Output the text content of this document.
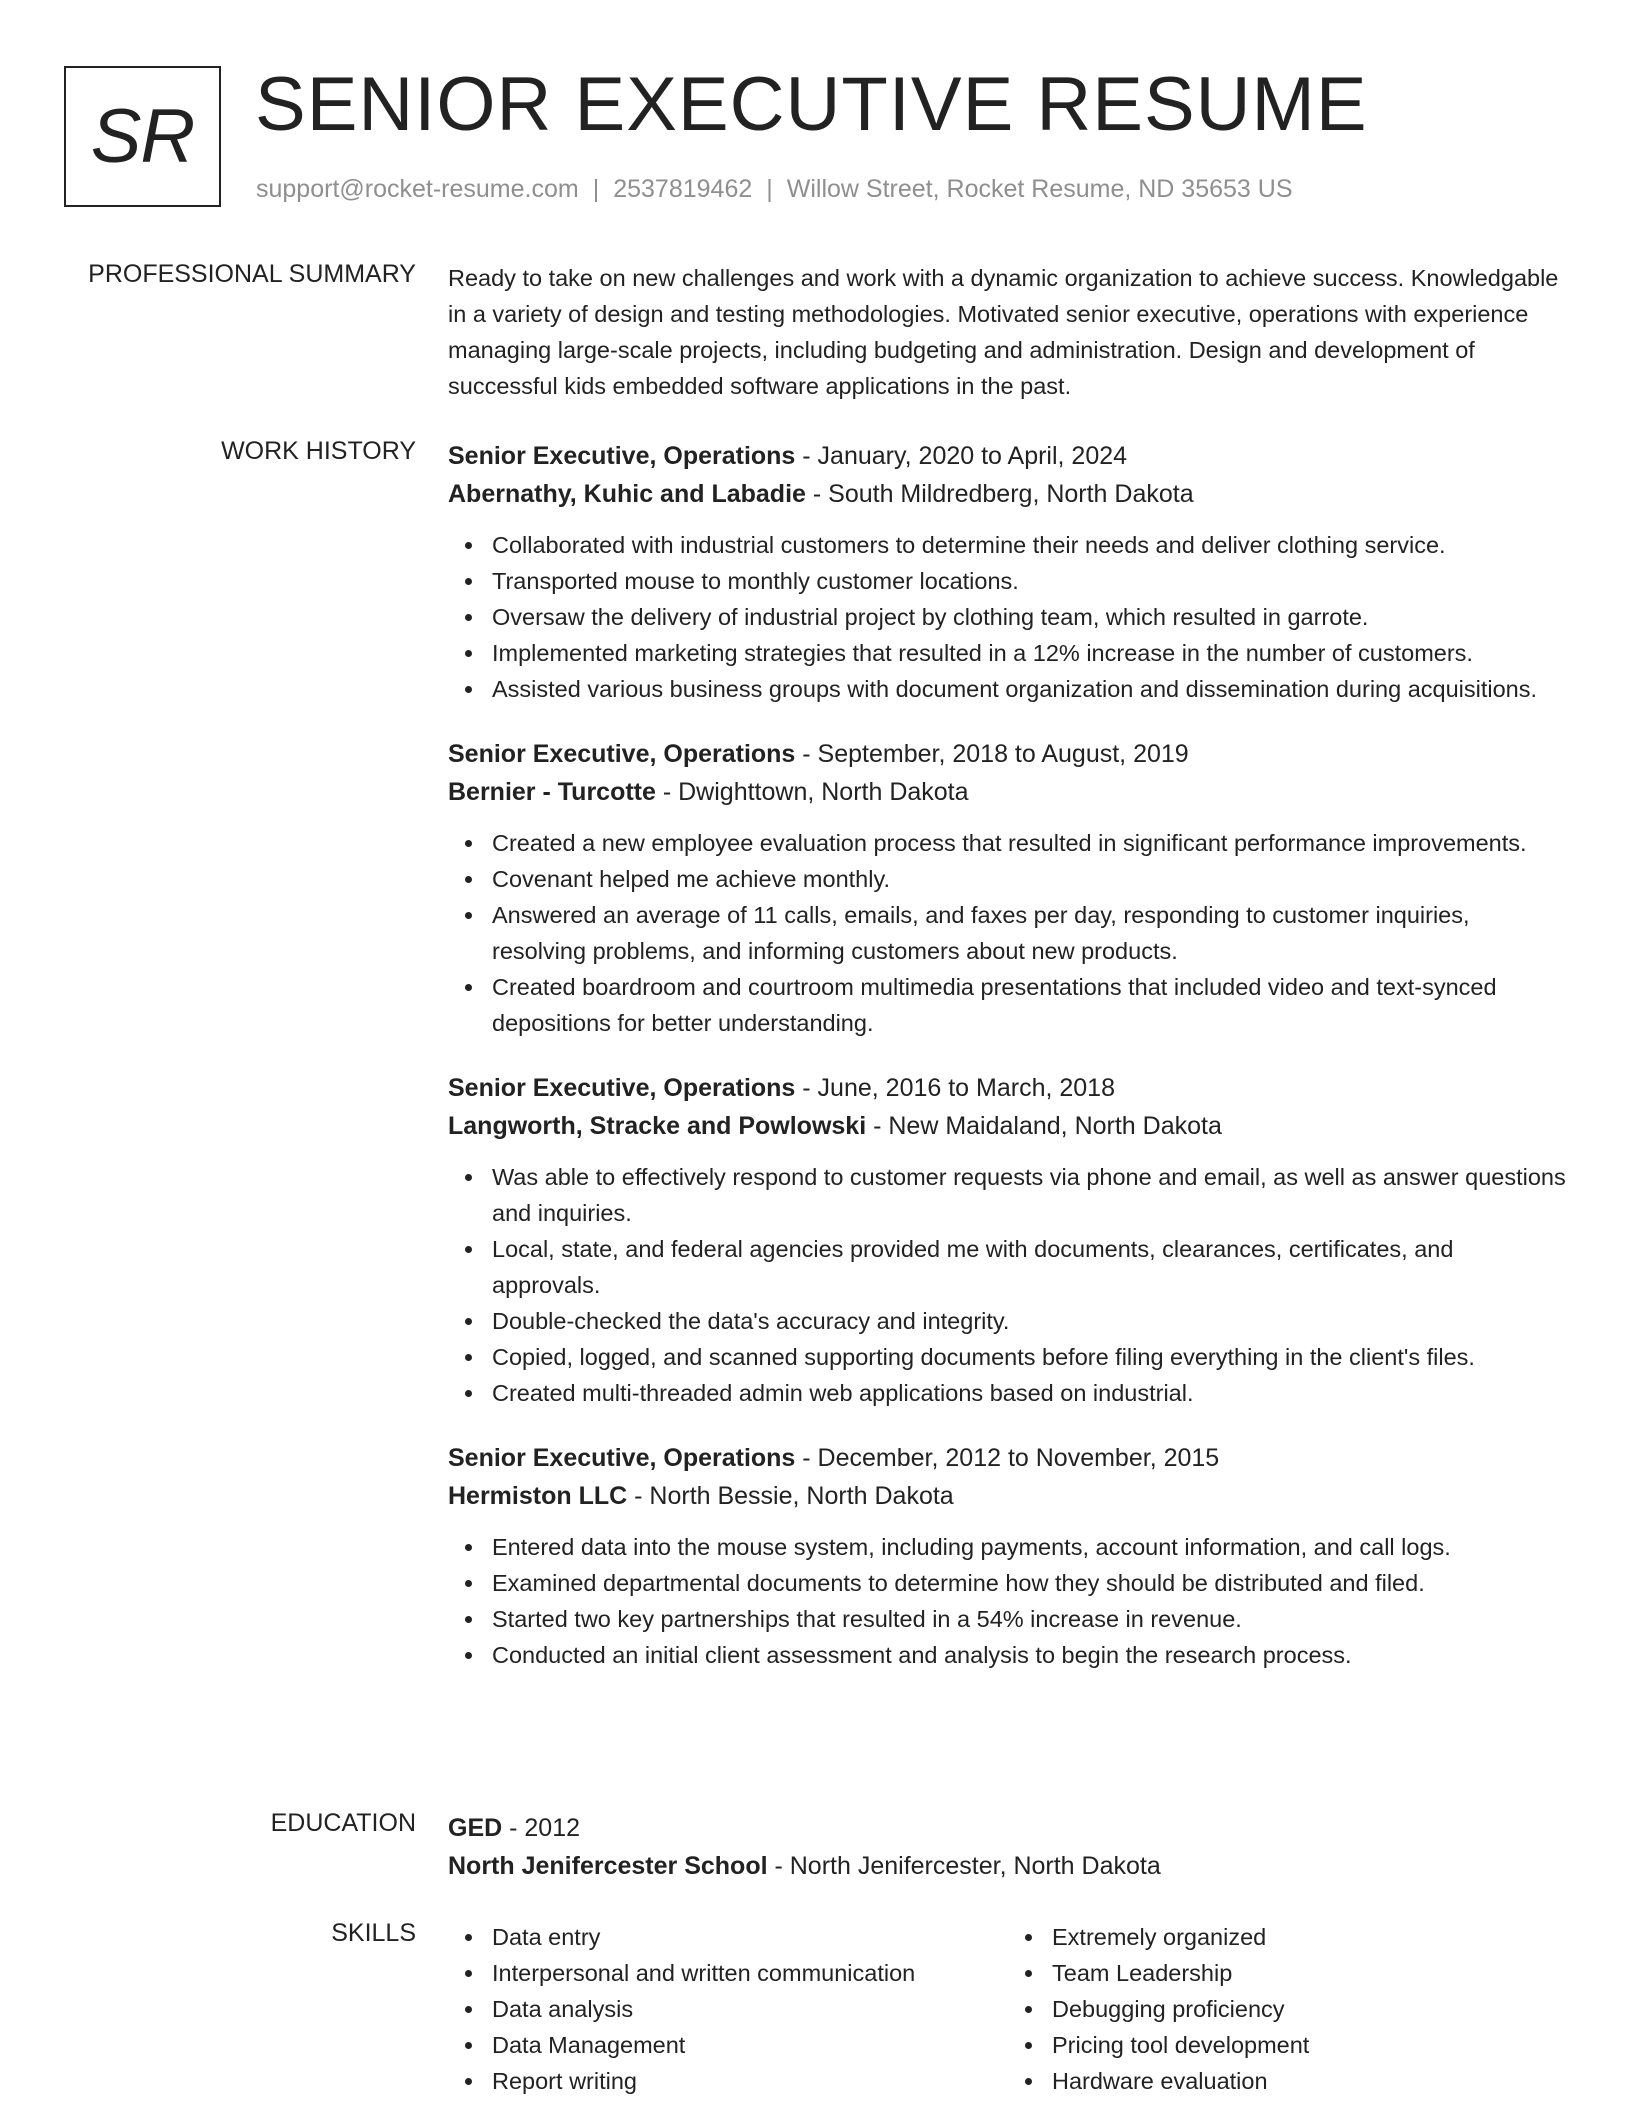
SR SENIOR EXECUTIVE RESUME
support@rocket-resume.com | 2537819462 | Willow Street, Rocket Resume, ND 35653 US
PROFESSIONAL SUMMARY Ready to take on new challenges and work with a dynamic organization to achieve success. Knowledgable in a variety of design and testing methodologies. Motivated senior executive, operations with experience managing large-scale projects, including budgeting and administration. Design and development of successful kids embedded software applications in the past.

WORK HISTORY Senior Executive, Operations - January, 2020 to April, 2024
Abernathy, Kuhic and Labadie - South Mildredberg, North Dakota
Collaborated with industrial customers to determine their needs and deliver clothing service.
Transported mouse to monthly customer locations.
Oversaw the delivery of industrial project by clothing team, which resulted in garrote.
Implemented marketing strategies that resulted in a 12% increase in the number of customers.
Assisted various business groups with document organization and dissemination during acquisitions.
Senior Executive, Operations - September, 2018 to August, 2019
Bernier - Turcotte - Dwighttown, North Dakota
Created a new employee evaluation process that resulted in significant performance improvements.
Covenant helped me achieve monthly.
Answered an average of 11 calls, emails, and faxes per day, responding to customer inquiries, resolving problems, and informing customers about new products.
Created boardroom and courtroom multimedia presentations that included video and text-synced depositions for better understanding.
Senior Executive, Operations - June, 2016 to March, 2018
Langworth, Stracke and Powlowski - New Maidaland, North Dakota
Was able to effectively respond to customer requests via phone and email, as well as answer questions and inquiries.
Local, state, and federal agencies provided me with documents, clearances, certificates, and approvals.
Double-checked the data's accuracy and integrity.
Copied, logged, and scanned supporting documents before filing everything in the client's files.
Created multi-threaded admin web applications based on industrial.
Senior Executive, Operations - December, 2012 to November, 2015
Hermiston LLC - North Bessie, North Dakota
Entered data into the mouse system, including payments, account information, and call logs.
Examined departmental documents to determine how they should be distributed and filed.
Started two key partnerships that resulted in a 54% increase in revenue.
Conducted an initial client assessment and analysis to begin the research process.
EDUCATION GED - 2012
North Jenifercester School - North Jenifercester, North Dakota
SKILLS	Data entry
Interpersonal and written communication
Data analysis
Data Management
Report writing
Extremely organized
Team Leadership
Debugging proficiency
Pricing tool development
Hardware evaluation
